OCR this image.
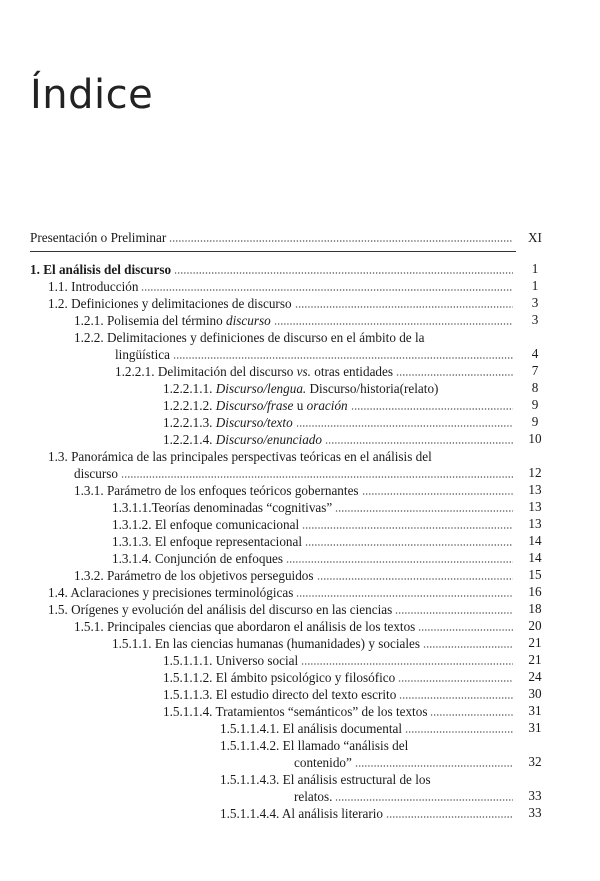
Índice
Presentación o Preliminar	XI
1. El análisis del discurso	1
1.1. Introducción	1
1.2. Definiciones y delimitaciones de discurso	3
1.2.1. Polisemia del término discurso	3
1.2.2. Delimitaciones y definiciones de discurso en el ámbito de la
lingüística	4
1.2.2.1. Delimitación del discurso vs. otras entidades	7
1.2.2.1.1. Discurso/lengua. Discurso/historia(relato)	8
1.2.2.1.2. Discurso/frase u oración	9
1.2.2.1.3. Discurso/texto	9
1.2.2.1.4. Discurso/enunciado	10
1.3. Panorámica de las principales perspectivas teóricas en el análisis del
discurso	12
1.3.1. Parámetro de los enfoques teóricos gobernantes	13
1.3.1.1.Teorías denominadas “cognitivas”	13
1.3.1.2. El enfoque comunicacional	13
1.3.1.3. El enfoque representacional	14
1.3.1.4. Conjunción de enfoques	14
1.3.2. Parámetro de los objetivos perseguidos	15
1.4. Aclaraciones y precisiones terminológicas	16
1.5. Orígenes y evolución del análisis del discurso en las ciencias	18
1.5.1. Principales ciencias que abordaron el análisis de los textos	20
1.5.1.1. En las ciencias humanas (humanidades) y sociales	21
1.5.1.1.1. Universo social	21
1.5.1.1.2. El ámbito psicológico y filosófico	24
1.5.1.1.3. El estudio directo del texto escrito	30
1.5.1.1.4. Tratamientos “semánticos” de los textos	31
1.5.1.1.4.1. El análisis documental	31
1.5.1.1.4.2. El llamado “análisis del
contenido”	32
1.5.1.1.4.3. El análisis estructural de los
relatos.	33
1.5.1.1.4.4. Al análisis literario	33
